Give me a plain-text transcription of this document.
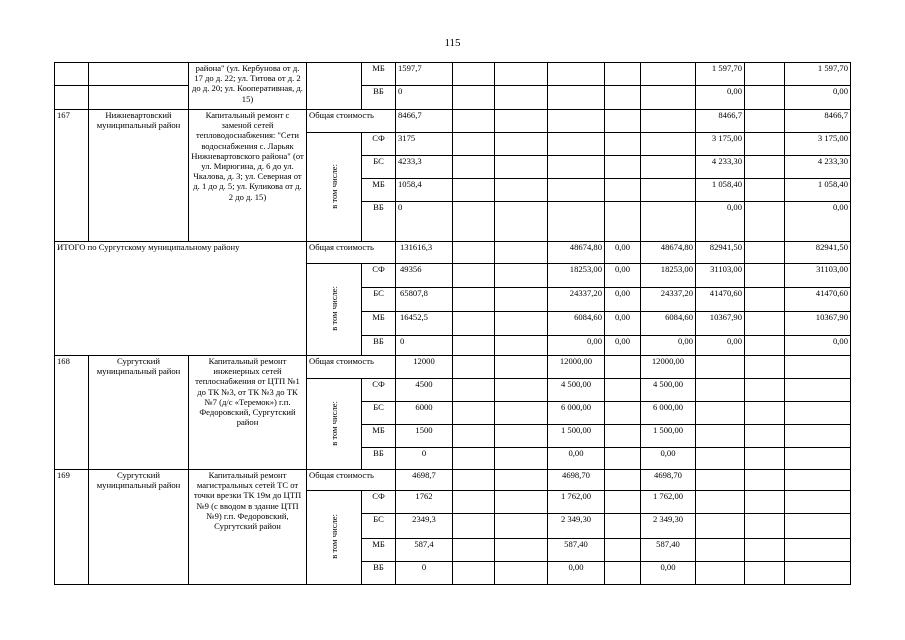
115
		района" (ул. Кербунова от д. 17 до д. 22; ул. Титова от д. 2 до д. 20; ул. Кооперативная, д. 15)		МБ	1597,7						1 597,70		1 597,70
				ВБ	0						0,00		0,00
167	Нижневартовский муниципальный район	Капитальный ремонт с заменой сетей тепловодоснабжения: "Сети водоснабжения с. Ларьяк Нижневартовского района" (от ул. Мирюгина, д. 6 до ул. Чкалова, д. 3; ул. Северная от д. 1 до д. 5; ул. Куликова от д. 2 до д. 15)	Общая стоимость		8466,7						8466,7		8466,7
			в том числе:	СФ	3175						3 175,00		3 175,00
				БС	4233,3						4 233,30		4 233,30
				МБ	1058,4						1 058,40		1 058,40
				ВБ	0						0,00		0,00
ИТОГО по Сургутскому муниципальному району			Общая стоимость		131616,3			48674,80	0,00	48674,80	82941,50		82941,50
			в том числе:	СФ	49356			18253,00	0,00	18253,00	31103,00		31103,00
				БС	65807,8			24337,20	0,00	24337,20	41470,60		41470,60
				МБ	16452,5			6084,60	0,00	6084,60	10367,90		10367,90
				ВБ	0			0,00	0,00	0,00	0,00		0,00
168	Сургутский муниципальный район	Капитальный ремонт инженерных сетей теплоснабжения от ЦТП №1 до ТК №3, от ТК №3 до ТК №7 (д/с «Теремок») г.п. Федоровский, Сургутский район	Общая стоимость		12000			12000,00		12000,00			
			в том числе:	СФ	4500			4 500,00		4 500,00			
				БС	6000			6 000,00		6 000,00			
				МБ	1500			1 500,00		1 500,00			
				ВБ	0			0,00		0,00			
169	Сургутский муниципальный район	Капитальный ремонт магистральных сетей ТС от точки врезки ТК 19м до ЦТП №9 (с вводом в здание ЦТП №9) г.п. Федоровский, Сургутский район	Общая стоимость		4698,7			4698,70		4698,70			
			в том числе:	СФ	1762			1 762,00		1 762,00			
				БС	2349,3			2 349,30		2 349,30			
				МБ	587,4			587,40		587,40			
				ВБ	0			0,00		0,00			
